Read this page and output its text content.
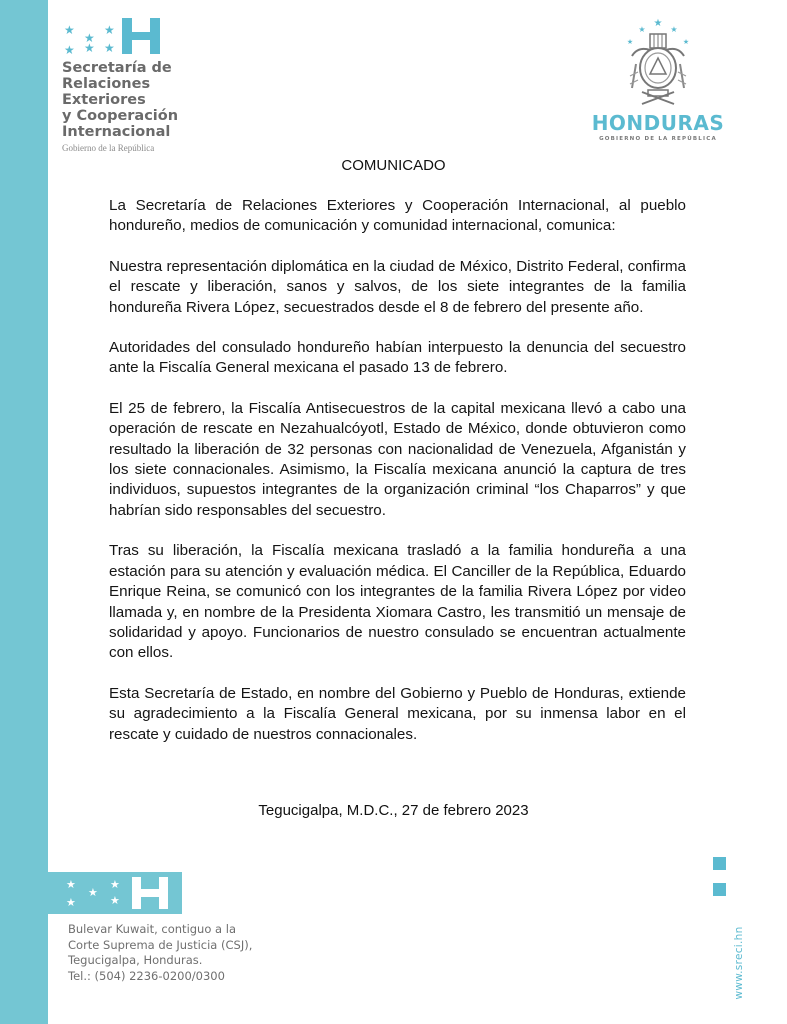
★
★
★
★ ★ ★
Secretaría de
Relaciones
Exteriores
y Cooperación
Internacional
Gobierno de la República
★
★	★
★	★
HONDURAS
GOBIERNO DE LA REPÚBLICA
COMUNICADO

La Secretaría de Relaciones Exteriores y Cooperación Internacional, al pueblo hondureño, medios de comunicación y comunidad internacional, comunica:

Nuestra representación diplomática en la ciudad de México, Distrito Federal, confirma el rescate y liberación, sanos y salvos, de los siete integrantes de la familia hondureña Rivera López, secuestrados desde el 8 de febrero del presente año.

Autoridades del consulado hondureño habían interpuesto la denuncia del secuestro ante la Fiscalía General mexicana el pasado 13 de febrero.

El 25 de febrero, la Fiscalía Antisecuestros de la capital mexicana llevó a cabo una operación de rescate en Nezahualcóyotl, Estado de México, donde obtuvieron como resultado la liberación de 32 personas con nacionalidad de Venezuela, Afganistán y los siete connacionales. Asimismo, la Fiscalía mexicana anunció la captura de tres individuos, supuestos integrantes de la organización criminal “los Chaparros” y que habrían sido responsables del secuestro.

Tras su liberación, la Fiscalía mexicana trasladó a la familia hondureña a una estación para su atención y evaluación médica. El Canciller de la República, Eduardo Enrique Reina, se comunicó con los integrantes de la familia Rivera López por video llamada y, en nombre de la Presidenta Xiomara Castro, les transmitió un mensaje de solidaridad y apoyo. Funcionarios de nuestro consulado se encuentran actualmente con ellos.

Esta Secretaría de Estado, en nombre del Gobierno y Pueblo de Honduras, extiende su agradecimiento a la Fiscalía General mexicana, por su inmensa labor en el rescate y cuidado de nuestros connacionales.

Tegucigalpa, M.D.C., 27 de febrero 2023
★
★
★
★	★
Bulevar Kuwait, contiguo a la
Corte Suprema de Justicia (CSJ),
Tegucigalpa, Honduras.
Tel.: (504) 2236-0200/0300	www.sreci.hn
